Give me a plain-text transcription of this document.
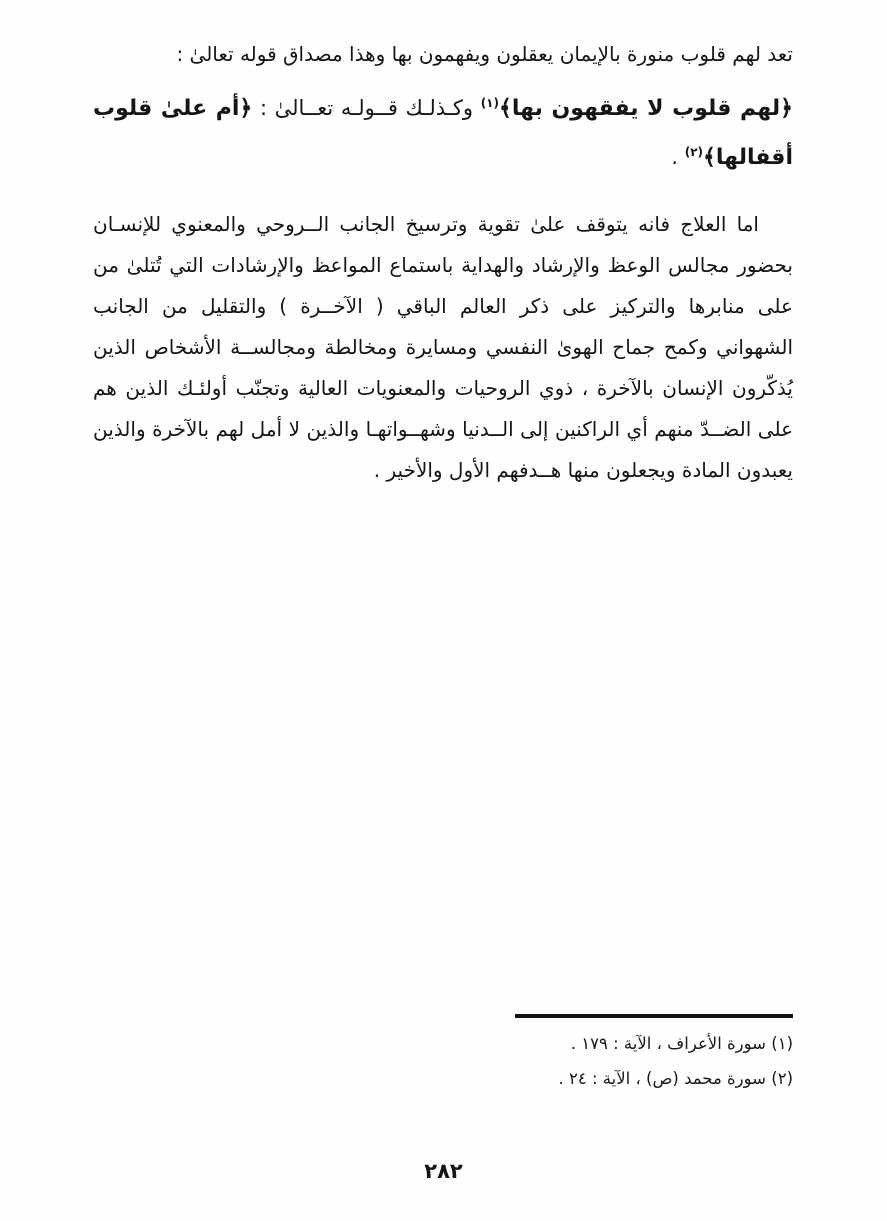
تعد لهم قلوب منورة بالإيمان يعقلون ويفهمون بها وهذا مصداق قوله تعالىٰ :

﴿لهم قلوب لا يفقهون بها﴾$^{(١)}$ وكـذلـك قــولـه تعــالىٰ : ﴿أم علىٰ قلوب أقفالها﴾$^{(٢)}$ .

اما العلاج فانه يتوقف علىٰ تقوية وترسيخ الجانب الــروحي والمعنوي للإنسـان بحضور مجالس الوعظ والإرشاد والهداية باستماع المواعظ والإرشادات التي تُتلىٰ من على منابرها والتركيز على ذكر العالم الباقي ( الآخــرة ) والتقليل من الجانب الشهواني وكمح جماح الهوىٰ النفسي ومسايرة ومخالطة ومجالســة الأشخاص الذين يُذكّرون الإنسان بالآخرة ، ذوي الروحيات والمعنويات العالية وتجنّب أولئـك الذين هم على الضــدّ منهم أي الراكنين إلى الــدنيا وشهــواتهـا والذين لا أمل لهم بالآخرة والذين يعبدون المادة ويجعلون منها هــدفهم الأول والأخير .

(١) سورة الأعراف ، الآية : ١٧٩ .

(٢) سورة محمد (ص) ، الآية : ٢٤ .

٢٨٢
